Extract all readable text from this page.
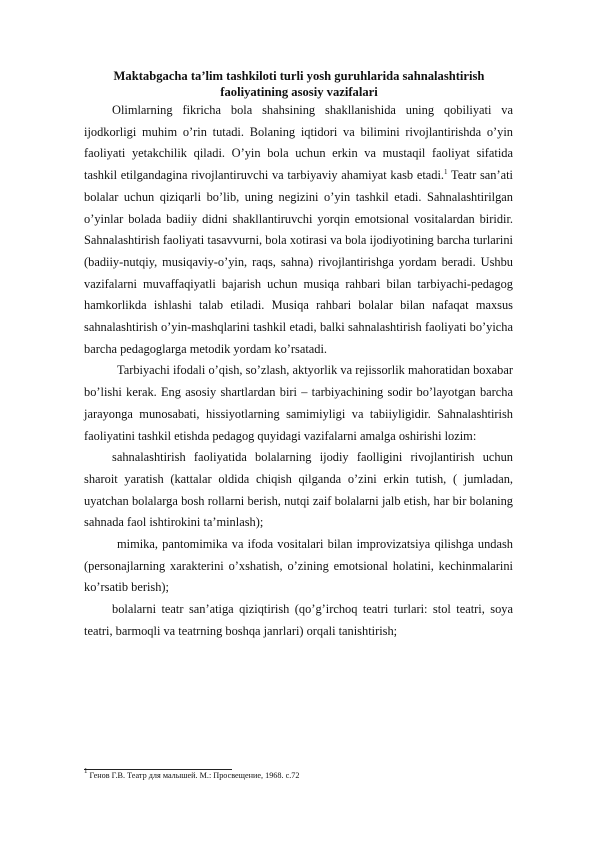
Maktabgacha ta’lim tashkiloti turli yosh guruhlarida sahnalashtirish
faoliyatining asosiy vazifalari

Olimlarning fikricha bola shahsining shakllanishida uning qobiliyati va ijodkorligi muhim o’rin tutadi. Bolaning iqtidori va bilimini rivojlantirishda o’yin faoliyati yetakchilik qiladi. O’yin bola uchun erkin va mustaqil faoliyat sifatida tashkil etilgandagina rivojlantiruvchi va tarbiyaviy ahamiyat kasb etadi.$^1$ Teatr san’ati bolalar uchun qiziqarli bo’lib, uning negizini o’yin tashkil etadi. Sahnalashtirilgan o’yinlar bolada badiiy didni shakllantiruvchi yorqin emotsional vositalardan biridir. Sahnalashtirish faoliyati tasavvurni, bola xotirasi va bola ijodiyotining barcha turlarini (badiiy-nutqiy, musiqaviy-o’yin, raqs, sahna) rivojlantirishga yordam beradi. Ushbu vazifalarni muvaffaqiyatli bajarish uchun musiqa rahbari bilan tarbiyachi-pedagog hamkorlikda ishlashi talab etiladi. Musiqa rahbari bolalar bilan nafaqat maxsus sahnalashtirish o’yin-mashqlarini tashkil etadi, balki sahnalashtirish faoliyati bo’yicha barcha pedagoglarga metodik yordam ko’rsatadi.

Tarbiyachi ifodali o’qish, so’zlash, aktyorlik va rejissorlik mahoratidan boxabar bo’lishi kerak. Eng asosiy shartlardan biri – tarbiyachining sodir bo’layotgan barcha jarayonga munosabati, hissiyotlarning samimiyligi va tabiiyligidir. Sahnalashtirish faoliyatini tashkil etishda pedagog quyidagi vazifalarni amalga oshirishi lozim:

sahnalashtirish faoliyatida bolalarning ijodiy faolligini rivojlantirish uchun sharoit yaratish (kattalar oldida chiqish qilganda o’zini erkin tutish, ( jumladan, uyatchan bolalarga bosh rollarni berish, nutqi zaif bolalarni jalb etish, har bir bolaning sahnada faol ishtirokini ta’minlash);

mimika, pantomimika va ifoda vositalari bilan improvizatsiya qilishga undash (personajlarning xarakterini o’xshatish, o’zining emotsional holatini, kechinmalarini ko’rsatib berish);

bolalarni teatr san’atiga qiziqtirish (qo’g’irchoq teatri turlari: stol teatri, soya teatri, barmoqli va teatrning boshqa janrlari) orqali tanishtirish;

$^1$ Генов Г.В. Театр для малышей. М.: Просвещение, 1968. с.72
